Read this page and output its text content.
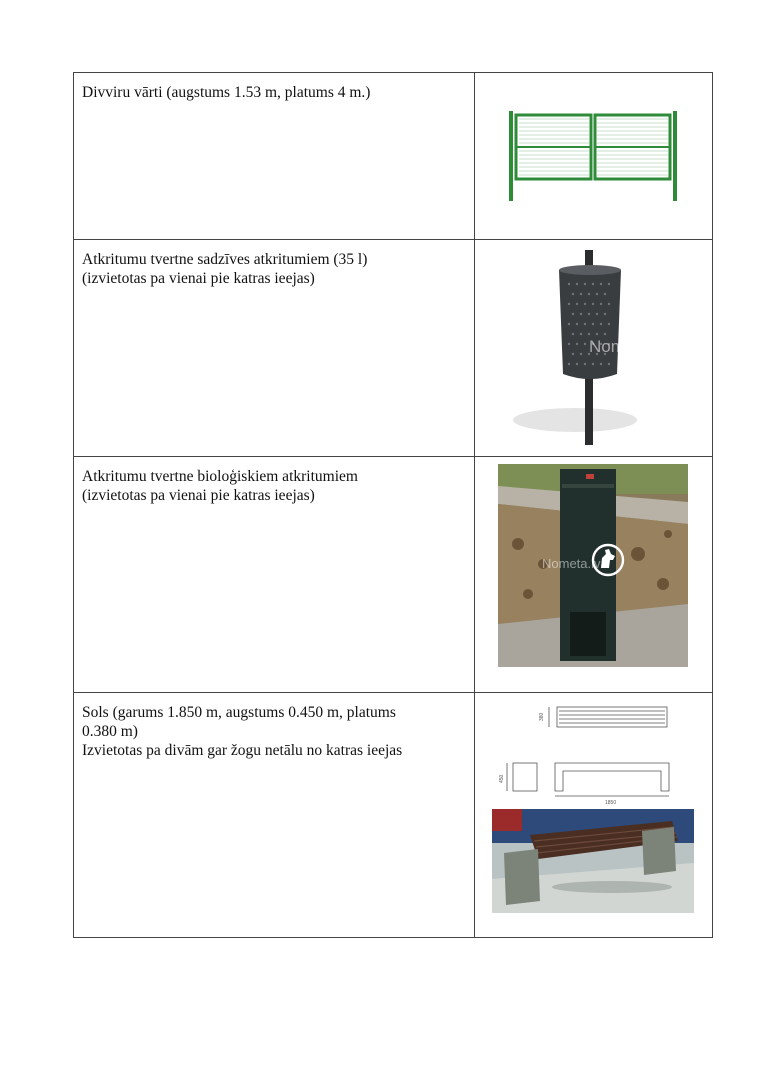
Divviru vārti (augstums 1.53 m, platums 4 m.)

Atkritumu tvertne sadzīves atkritumiem (35 l)
(izvietotas pa vienai pie katras ieejas)	Nometa

Atkritumu tvertne bioloģiskiem atkritumiem
(izvietotas pa vienai pie katras ieejas)	Nometa.lv

Sols (garums 1.850 m, augstums 0.450 m, platums
0.380 m)
Izvietotas pa divām gar žogu netālu no katras ieejas	380
450
1850
